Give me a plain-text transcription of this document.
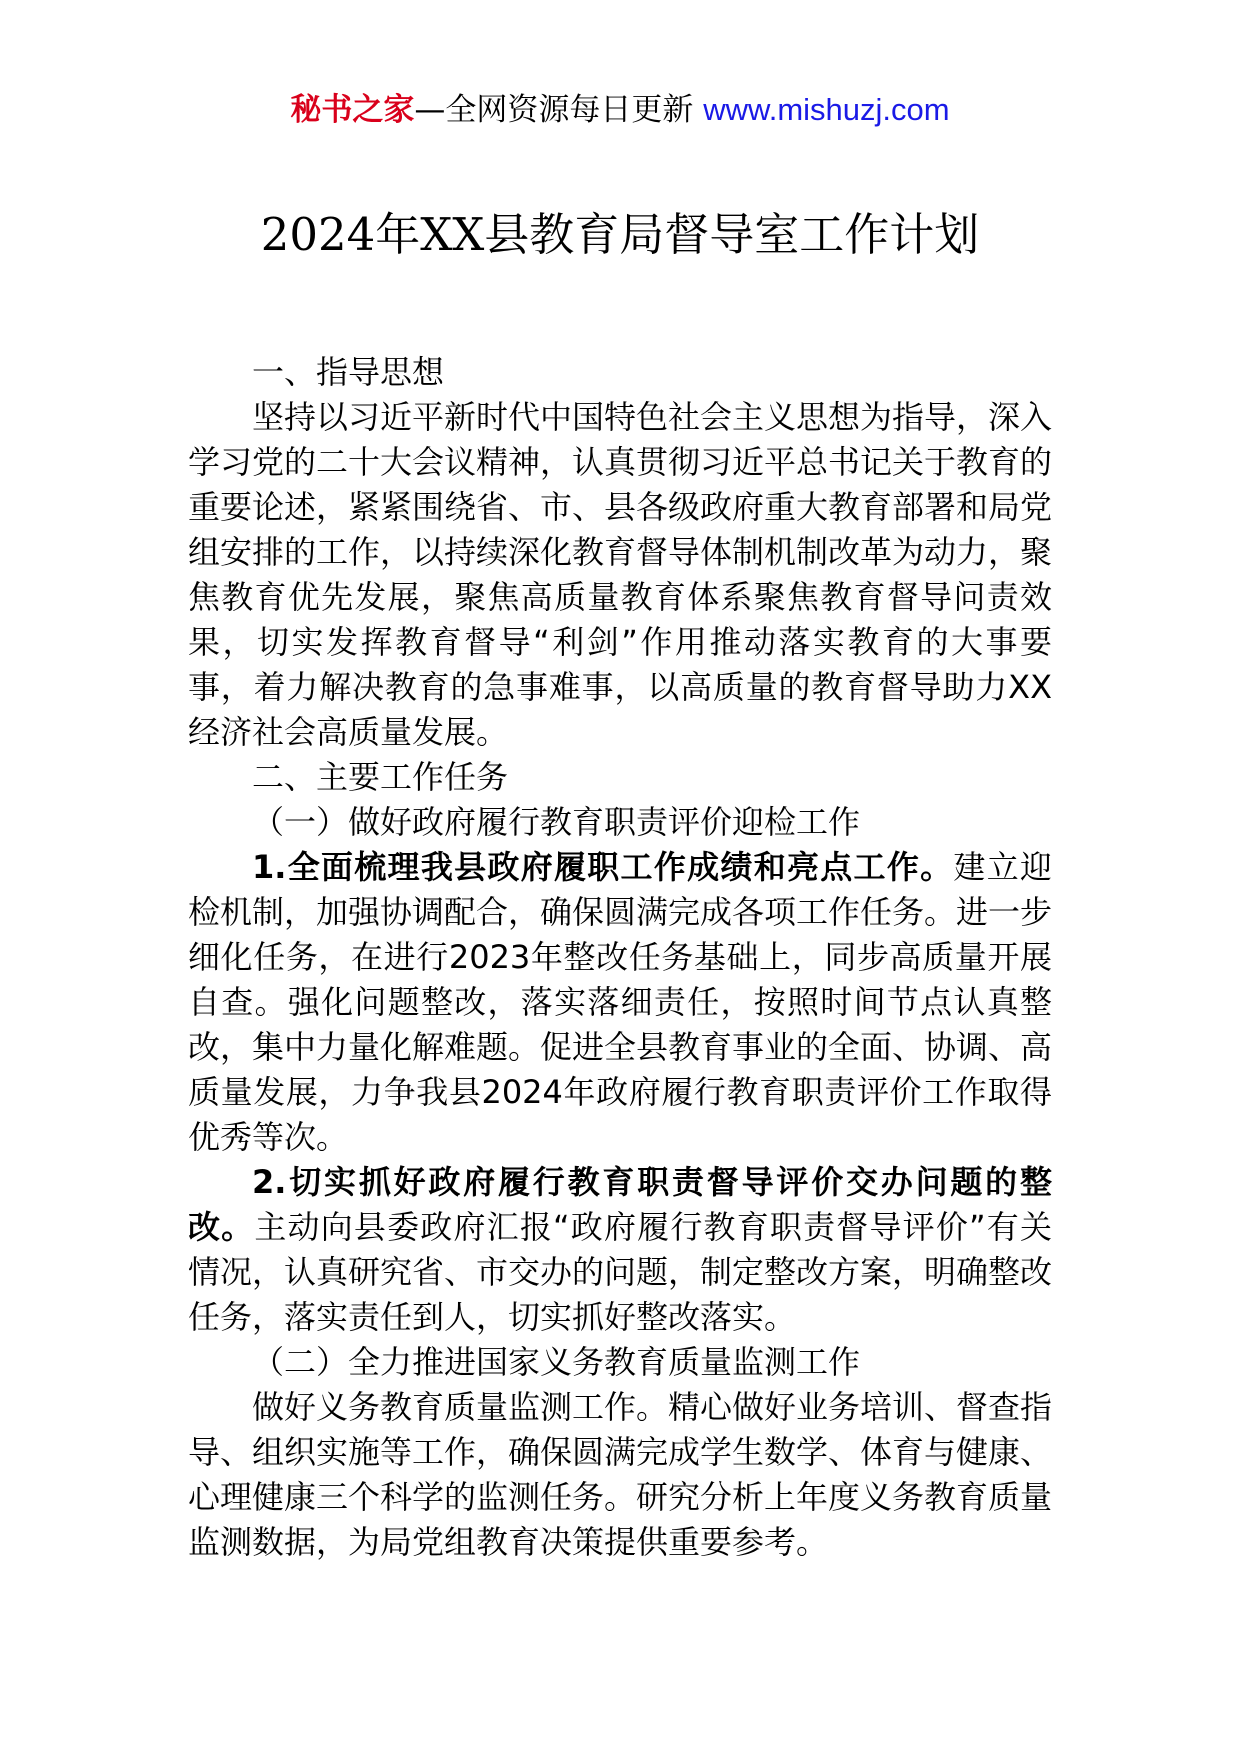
秘书之家—全网资源每日更新 www.mishuzj.com
2024年XX县教育局督导室工作计划

一、指导思想

坚持以习近平新时代中国特色社会主义思想为指导，深入学习党的二十大会议精神，认真贯彻习近平总书记关于教育的重要论述，紧紧围绕省、市、县各级政府重大教育部署和局党组安排的工作，以持续深化教育督导体制机制改革为动力，聚焦教育优先发展，聚焦高质量教育体系聚焦教育督导问责效果，切实发挥教育督导“利剑”作用推动落实教育的大事要事，着力解决教育的急事难事，以高质量的教育督导助力XX经济社会高质量发展。

二、主要工作任务

（一）做好政府履行教育职责评价迎检工作

1.全面梳理我县政府履职工作成绩和亮点工作。建立迎检机制，加强协调配合，确保圆满完成各项工作任务。进一步细化任务，在进行2023年整改任务基础上，同步高质量开展自查。强化问题整改，落实落细责任，按照时间节点认真整改，集中力量化解难题。促进全县教育事业的全面、协调、高质量发展，力争我县2024年政府履行教育职责评价工作取得优秀等次。

2.切实抓好政府履行教育职责督导评价交办问题的整改。主动向县委政府汇报“政府履行教育职责督导评价”有关情况，认真研究省、市交办的问题，制定整改方案，明确整改任务，落实责任到人，切实抓好整改落实。

（二）全力推进国家义务教育质量监测工作

做好义务教育质量监测工作。精心做好业务培训、督查指导、组织实施等工作，确保圆满完成学生数学、体育与健康、心理健康三个科学的监测任务。研究分析上年度义务教育质量监测数据，为局党组教育决策提供重要参考。
